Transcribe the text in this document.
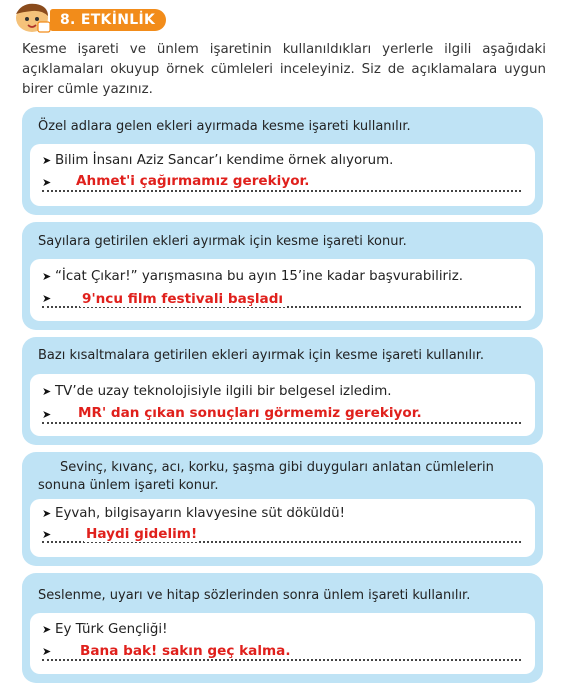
8. ETKİNLİK
Kesme işareti ve ünlem işaretinin kullanıldıkları yerlerle ilgili aşağıdaki açıklamaları okuyup örnek cümleleri inceleyiniz. Siz de açıklamalara uygun birer cümle yazınız.
Özel adlara gelen ekleri ayırmada kesme işareti kullanılır.
➤ Bilim İnsanı Aziz Sancar’ı kendime örnek alıyorum.
➤ Ahmet'i çağırmamız gerekiyor.
Sayılara getirilen ekleri ayırmak için kesme işareti konur.
➤ “İcat Çıkar!” yarışmasına bu ayın 15’ine kadar başvurabiliriz.
➤ 9'ncu film festivali başladı
Bazı kısaltmalara getirilen ekleri ayırmak için kesme işareti kullanılır.
➤ TV’de uzay teknolojisiyle ilgili bir belgesel izledim.
➤ MR' dan çıkan sonuçları görmemiz gerekiyor.
Sevinç, kıvanç, acı, korku, şaşma gibi duyguları anlatan cümlelerin
sonuna ünlem işareti konur.
➤ Eyvah, bilgisayarın klavyesine süt döküldü!
➤	Haydi gidelim!
Seslenme, uyarı ve hitap sözlerinden sonra ünlem işareti kullanılır.
➤ Ey Türk Gençliği!
➤ Bana bak! sakın geç kalma.
